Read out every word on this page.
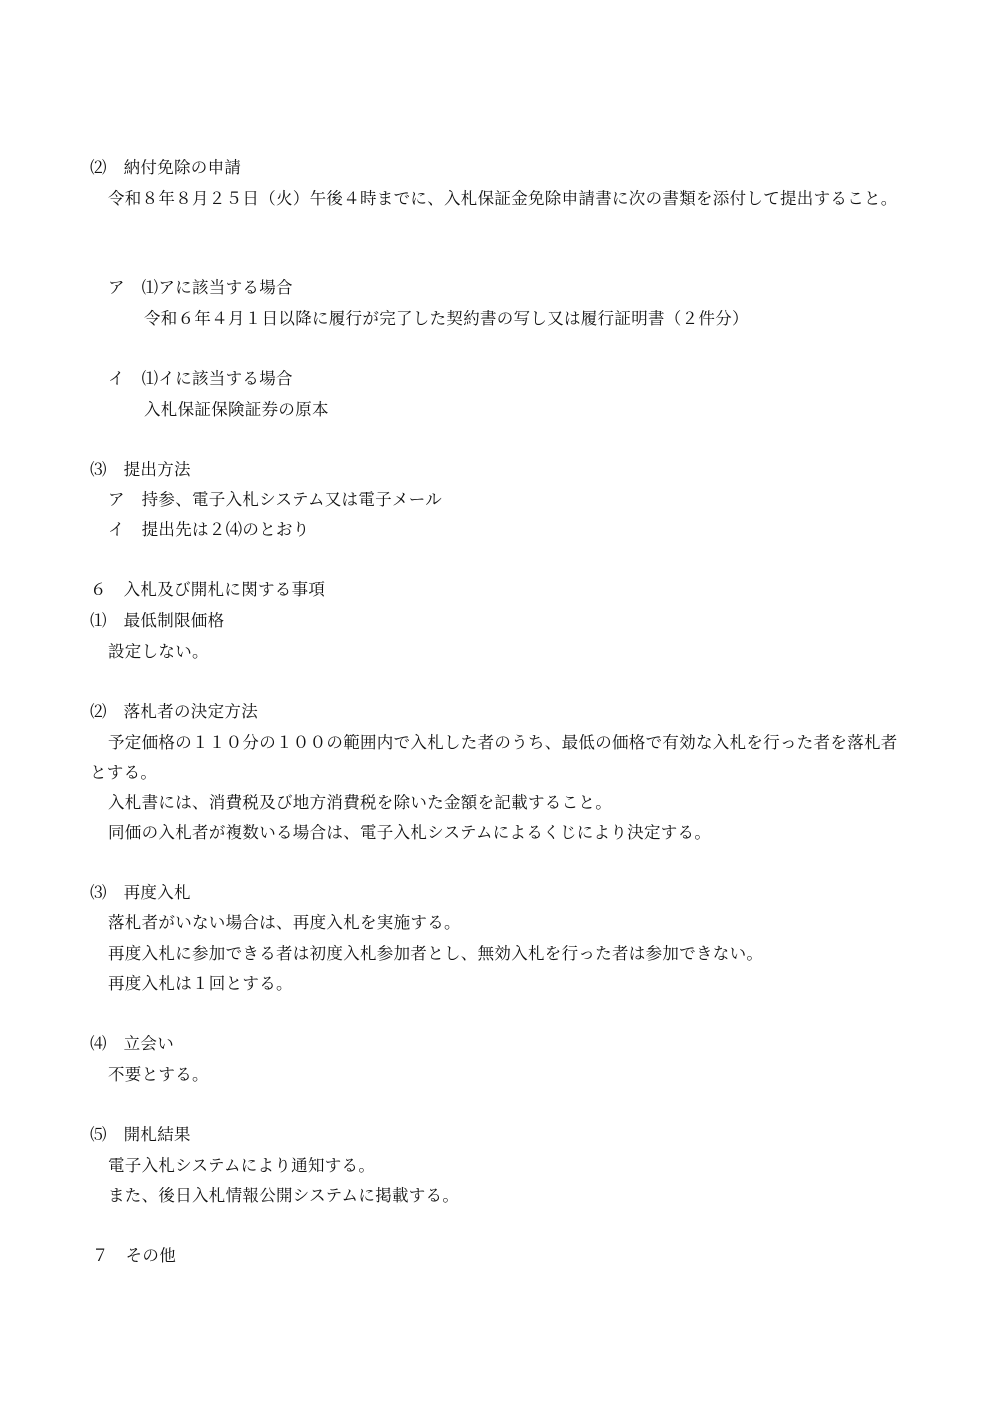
⑵　納付免除の申請
令和８年８月２５日（火）午後４時までに、入札保証金免除申請書に次の書類を添付して提出すること。
ア　⑴アに該当する場合
令和６年４月１日以降に履行が完了した契約書の写し又は履行証明書（２件分）
イ　⑴イに該当する場合
入札保証保険証券の原本
⑶　提出方法
ア　持参、電子入札システム又は電子メール
イ　提出先は２⑷のとおり
６　入札及び開札に関する事項
⑴　最低制限価格
設定しない。
⑵　落札者の決定方法
予定価格の１１０分の１００の範囲内で入札した者のうち、最低の価格で有効な入札を行った者を落札者とする。
入札書には、消費税及び地方消費税を除いた金額を記載すること。
同価の入札者が複数いる場合は、電子入札システムによるくじにより決定する。
⑶　再度入札
落札者がいない場合は、再度入札を実施する。
再度入札に参加できる者は初度入札参加者とし、無効入札を行った者は参加できない。
再度入札は１回とする。
⑷　立会い
不要とする。
⑸　開札結果
電子入札システムにより通知する。
また、後日入札情報公開システムに掲載する。
７　その他
